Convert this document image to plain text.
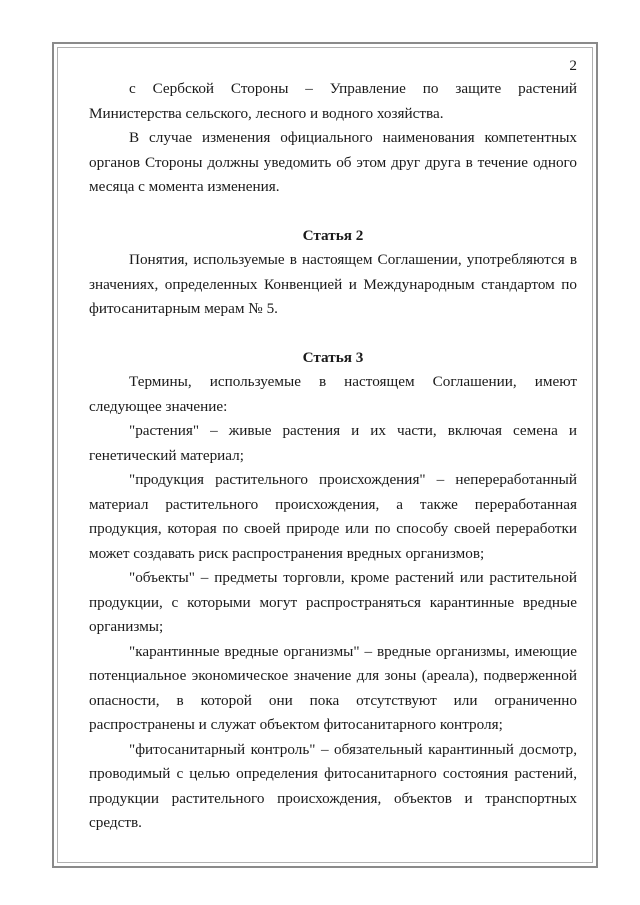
2

с Сербской Стороны – Управление по защите растений Министерства сельского, лесного и водного хозяйства.

В случае изменения официального наименования компетентных органов Стороны должны уведомить об этом друг друга в течение одного месяца с момента изменения.

Статья 2

Понятия, используемые в настоящем Соглашении, употребляются в значениях, определенных Конвенцией и Международным стандартом по фитосанитарным мерам № 5.

Статья 3

Термины, используемые в настоящем Соглашении, имеют следующее значение:

"растения" – живые растения и их части, включая семена и генетический материал;

"продукция растительного происхождения" – непереработанный материал растительного происхождения, а также переработанная продукция, которая по своей природе или по способу своей переработки может создавать риск распространения вредных организмов;

"объекты" – предметы торговли, кроме растений или растительной продукции, с которыми могут распространяться карантинные вредные организмы;

"карантинные вредные организмы" – вредные организмы, имеющие потенциальное экономическое значение для зоны (ареала), подверженной опасности, в которой они пока отсутствуют или ограниченно распространены и служат объектом фитосанитарного контроля;

"фитосанитарный контроль" – обязательный карантинный досмотр, проводимый с целью определения фитосанитарного состояния растений, продукции растительного происхождения, объектов и транспортных средств.
